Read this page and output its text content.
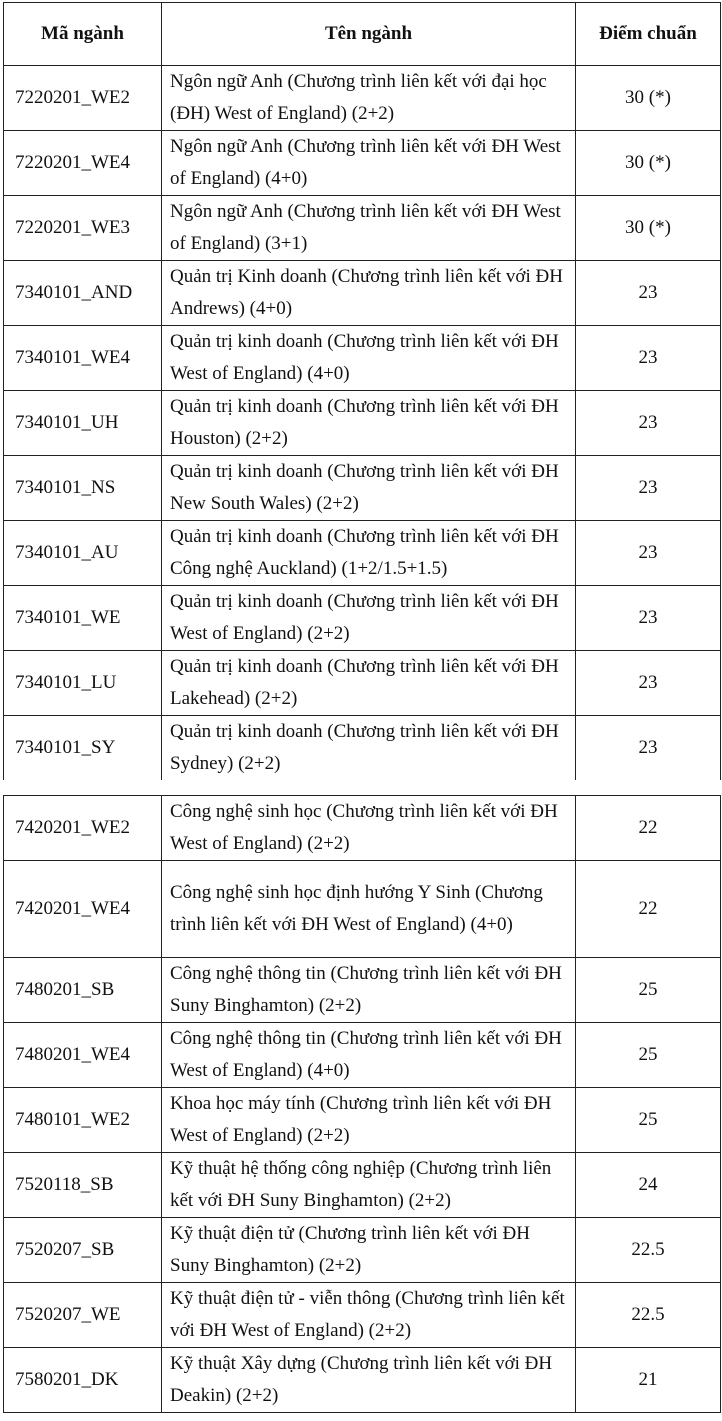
Mã ngành	Tên ngành	Điểm chuẩn
7220201_WE2	Ngôn ngữ Anh (Chương trình liên kết với đại học (ĐH) West of England) (2+2)	30 (*)
7220201_WE4	Ngôn ngữ Anh (Chương trình liên kết với ĐH West of England) (4+0)	30 (*)
7220201_WE3	Ngôn ngữ Anh (Chương trình liên kết với ĐH West of England) (3+1)	30 (*)
7340101_AND	Quản trị Kinh doanh (Chương trình liên kết với ĐH Andrews) (4+0)	23
7340101_WE4	Quản trị kinh doanh (Chương trình liên kết với ĐH West of England) (4+0)	23
7340101_UH	Quản trị kinh doanh (Chương trình liên kết với ĐH Houston) (2+2)	23
7340101_NS	Quản trị kinh doanh (Chương trình liên kết với ĐH New South Wales) (2+2)	23
7340101_AU	Quản trị kinh doanh (Chương trình liên kết với ĐH Công nghệ Auckland) (1+2/1.5+1.5)	23
7340101_WE	Quản trị kinh doanh (Chương trình liên kết với ĐH West of England) (2+2)	23
7340101_LU	Quản trị kinh doanh (Chương trình liên kết với ĐH Lakehead) (2+2)	23
7340101_SY	Quản trị kinh doanh (Chương trình liên kết với ĐH Sydney) (2+2)	23

7420201_WE2	Công nghệ sinh học (Chương trình liên kết với ĐH West of England) (2+2)	22
7420201_WE4	Công nghệ sinh học định hướng Y Sinh (Chương trình liên kết với ĐH West of England) (4+0)	22
7480201_SB	Công nghệ thông tin (Chương trình liên kết với ĐH Suny Binghamton) (2+2)	25
7480201_WE4	Công nghệ thông tin (Chương trình liên kết với ĐH West of England) (4+0)	25
7480101_WE2	Khoa học máy tính (Chương trình liên kết với ĐH West of England) (2+2)	25
7520118_SB	Kỹ thuật hệ thống công nghiệp (Chương trình liên kết với ĐH Suny Binghamton) (2+2)	24
7520207_SB	Kỹ thuật điện tử (Chương trình liên kết với ĐH Suny Binghamton) (2+2)	22.5
7520207_WE	Kỹ thuật điện tử - viễn thông (Chương trình liên kết với ĐH West of England) (2+2)	22.5
7580201_DK	Kỹ thuật Xây dựng (Chương trình liên kết với ĐH Deakin) (2+2)	21
